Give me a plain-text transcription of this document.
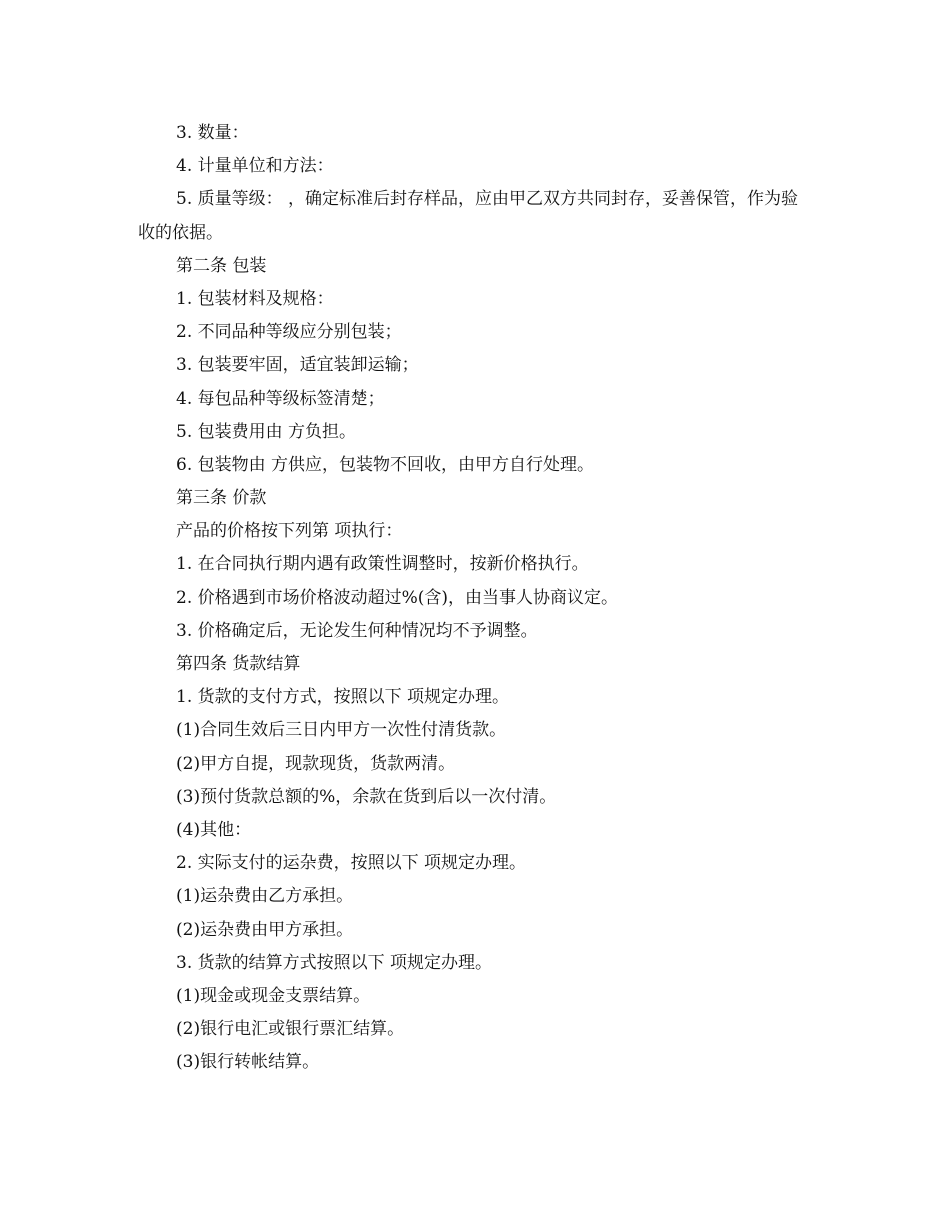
3. 数量：
4. 计量单位和方法：
5. 质量等级： ，确定标准后封存样品，应由甲乙双方共同封存，妥善保管，作为验收的依据。
第二条 包装
1. 包装材料及规格：
2. 不同品种等级应分别包装；
3. 包装要牢固，适宜装卸运输；
4. 每包品种等级标签清楚；
5. 包装费用由 方负担。
6. 包装物由 方供应，包装物不回收，由甲方自行处理。
第三条 价款
产品的价格按下列第 项执行：
1. 在合同执行期内遇有政策性调整时，按新价格执行。
2. 价格遇到市场价格波动超过%(含)，由当事人协商议定。
3. 价格确定后，无论发生何种情况均不予调整。
第四条 货款结算
1. 货款的支付方式，按照以下 项规定办理。
(1)合同生效后三日内甲方一次性付清货款。
(2)甲方自提，现款现货，货款两清。
(3)预付货款总额的%，余款在货到后以一次付清。
(4)其他：
2. 实际支付的运杂费，按照以下 项规定办理。
(1)运杂费由乙方承担。
(2)运杂费由甲方承担。
3. 货款的结算方式按照以下 项规定办理。
(1)现金或现金支票结算。
(2)银行电汇或银行票汇结算。
(3)银行转帐结算。
